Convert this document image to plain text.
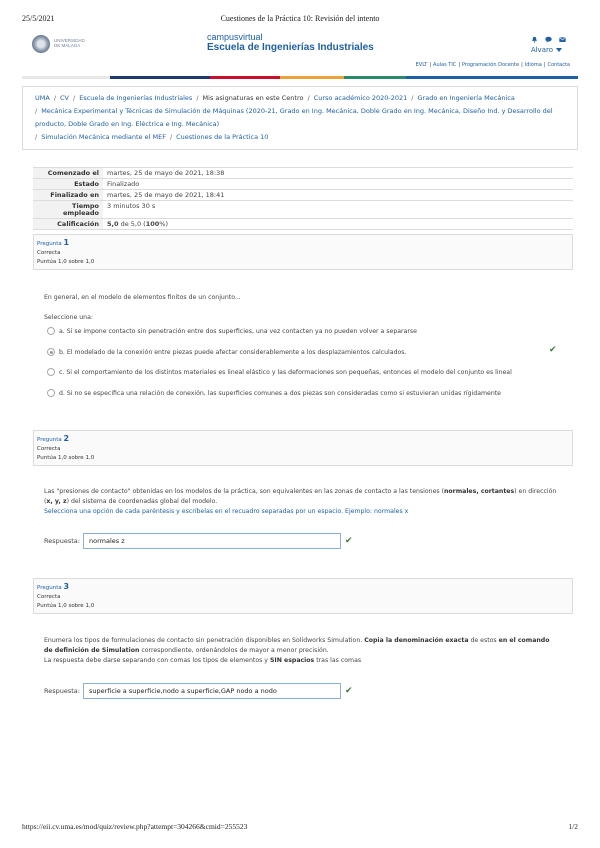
25/5/2021	Cuestiones de la Práctica 10: Revisión del intento
UNIVERSIDAD
DE MÁLAGA
campusvirtual
Escuela de Ingenierías Industriales	Alvaro
EVLT | Aulas TIC | Programación Docente | Idioma | Contacta
UMA / CV / Escuela de Ingenierías Industriales / Mis asignaturas en este Centro / Curso académico 2020-2021 / Grado en Ingeniería Mecánica
/ Mecánica Experimental y Técnicas de Simulación de Máquinas (2020-21, Grado en Ing. Mecánica, Doble Grado en Ing. Mecánica, Diseño Ind. y Desarrollo del producto, Doble Grado en Ing. Eléctrica e Ing. Mecánica)
/ Simulación Mecánica mediante el MEF / Cuestiones de la Práctica 10
Comenzado el	martes, 25 de mayo de 2021, 18:38
Estado	Finalizado
Finalizado en	martes, 25 de mayo de 2021, 18:41
Tiempo
empleado	3 minutos 30 s
Calificación	5,0 de 5,0 (100%)
Pregunta 1
Correcta
Puntúa 1,0 sobre 1,0
En general, en el modelo de elementos finitos de un conjunto...
Seleccione una:
a. Si se impone contacto sin penetración entre dos superficies, una vez contacten ya no pueden volver a separarse
b. El modelado de la conexión entre piezas puede afectar considerablemente a los desplazamientos calculados.	✔
c. Si el comportamiento de los distintos materiales es lineal elástico y las deformaciones son pequeñas, entonces el modelo del conjunto es lineal
d. Si no se especifica una relación de conexión, las superficies comunes a dos piezas son consideradas como si estuvieran unidas rígidamente
Pregunta 2
Correcta
Puntúa 1,0 sobre 1,0
Las "presiones de contacto" obtenidas en los modelos de la práctica, son equivalentes en las zonas de contacto a las tensiones (normales, cortantes) en dirección
(x, y, z) del sistema de coordenadas global del modelo.
Selecciona una opción de cada paréntesis y escríbelas en el recuadro separadas por un espacio. Ejemplo: normales x
Respuesta:	normales z	✔
Pregunta 3
Correcta
Puntúa 1,0 sobre 1,0
Enumera los tipos de formulaciones de contacto sin penetración disponibles en Solidworks Simulation. Copia la denominación exacta de estos en el comando
de definición de Simulation correspondiente, ordenándolos de mayor a menor precisión.
La respuesta debe darse separando con comas los tipos de elementos y SIN espacios tras las comas
Respuesta:	superficie a superficie,nodo a superficie,GAP nodo a nodo	✔
https://eii.cv.uma.es/mod/quiz/review.php?attempt=304266&cmid=255523	1/2
